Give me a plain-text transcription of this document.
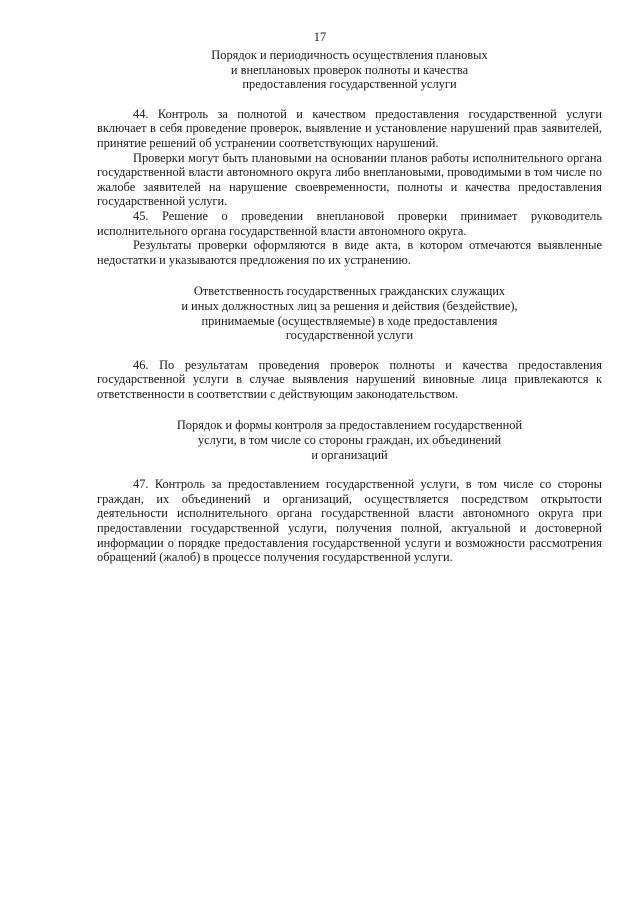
17
Порядок и периодичность осуществления плановых
и внеплановых проверок полноты и качества
предоставления государственной услуги

44. Контроль за полнотой и качеством предоставления государственной услуги включает в себя проведение проверок, выявление и установление нарушений прав заявителей, принятие решений об устранении соответствующих нарушений.

Проверки могут быть плановыми на основании планов работы исполнительного органа государственной власти автономного округа либо внеплановыми, проводимыми в том числе по жалобе заявителей на нарушение своевременности, полноты и качества предоставления государственной услуги.

45. Решение о проведении внеплановой проверки принимает руководитель исполнительного органа государственной власти автономного округа.

Результаты проверки оформляются в виде акта, в котором отмечаются выявленные недостатки и указываются предложения по их устранению.

Ответственность государственных гражданских служащих
и иных должностных лиц за решения и действия (бездействие),
принимаемые (осуществляемые) в ходе предоставления
государственной услуги

46. По результатам проведения проверок полноты и качества предоставления государственной услуги в случае выявления нарушений виновные лица привлекаются к ответственности в соответствии с действующим законодательством.

Порядок и формы контроля за предоставлением государственной
услуги, в том числе со стороны граждан, их объединений
и организаций

47. Контроль за предоставлением государственной услуги, в том числе со стороны граждан, их объединений и организаций, осуществляется посредством открытости деятельности исполнительного органа государственной власти автономного округа при предоставлении государственной услуги, получения полной, актуальной и достоверной информации о порядке предоставления государственной услуги и возможности рассмотрения обращений (жалоб) в процессе получения государственной услуги.
